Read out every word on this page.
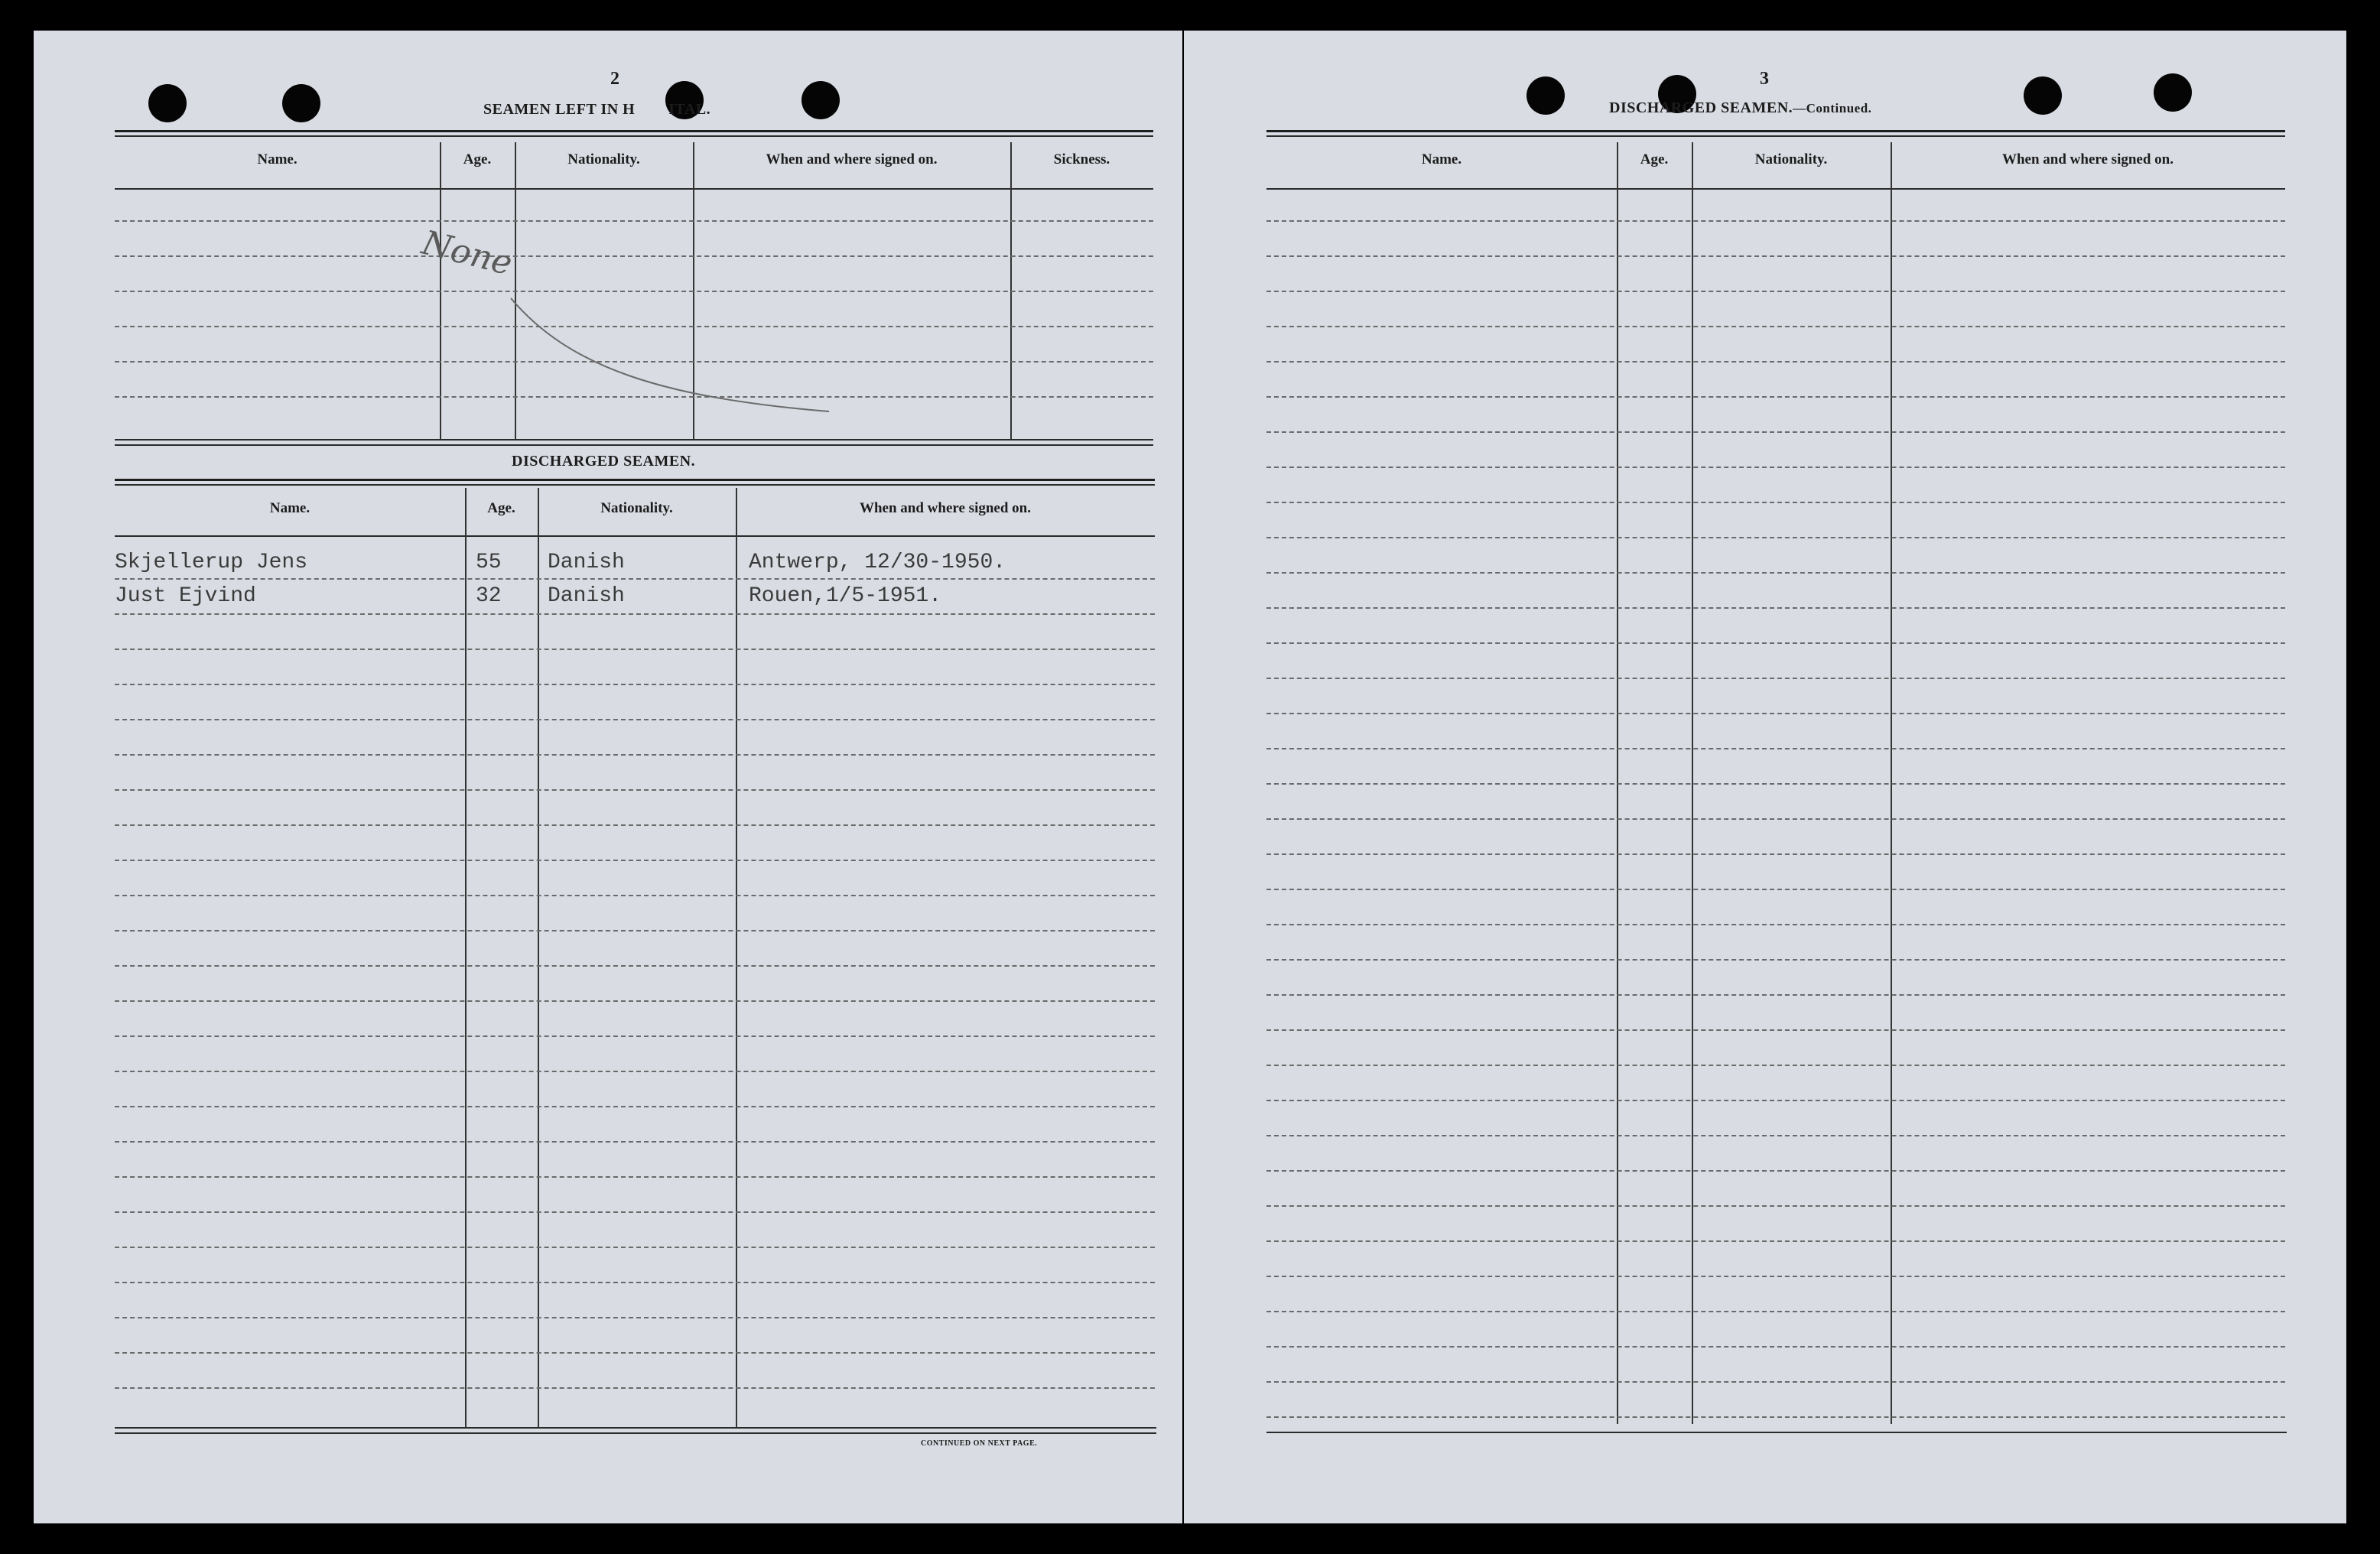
2
SEAMEN LEFT IN H ITAL.
Name.	Age.	Nationality.	When and where signed on.	Sickness.
None
DISCHARGED SEAMEN.
Name.	Age.	Nationality.	When and where signed on.
Skjellerup Jens	55 Danish	Antwerp, 12/30-1950.
Just Ejvind	32 Danish	Rouen,1/5-1951.
CONTINUED ON NEXT PAGE.
3
DISCHARGED SEAMEN.—Continued.
Name.	Age.	Nationality.	When and where signed on.
